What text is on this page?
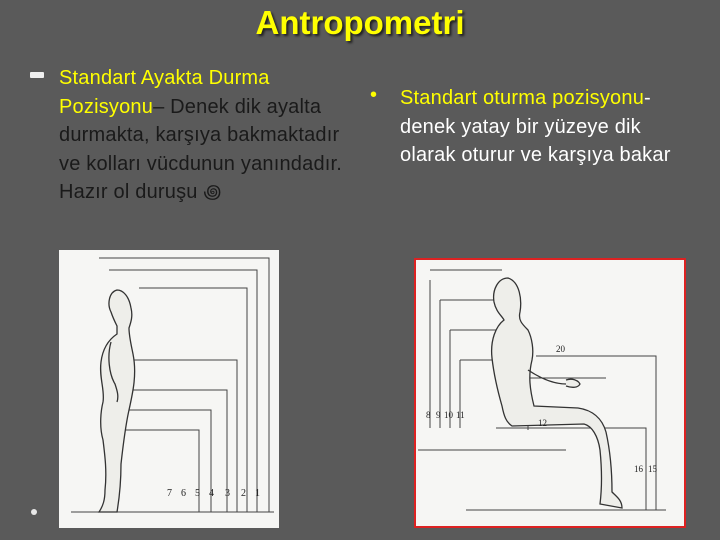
Antropometri
Standart Ayakta Durma Pozisyonu– Denek dik ayalta durmakta, karşıya bakmaktadır ve kolları vücdunun yanındadır. Hazır ol duruşu ꩜
• Standart oturma pozisyonu- denek yatay bir yüzeye dik olarak oturur ve karşıya bakar
7 6 5 4 3 2 1
20
8 9 10 11
12
16 15
